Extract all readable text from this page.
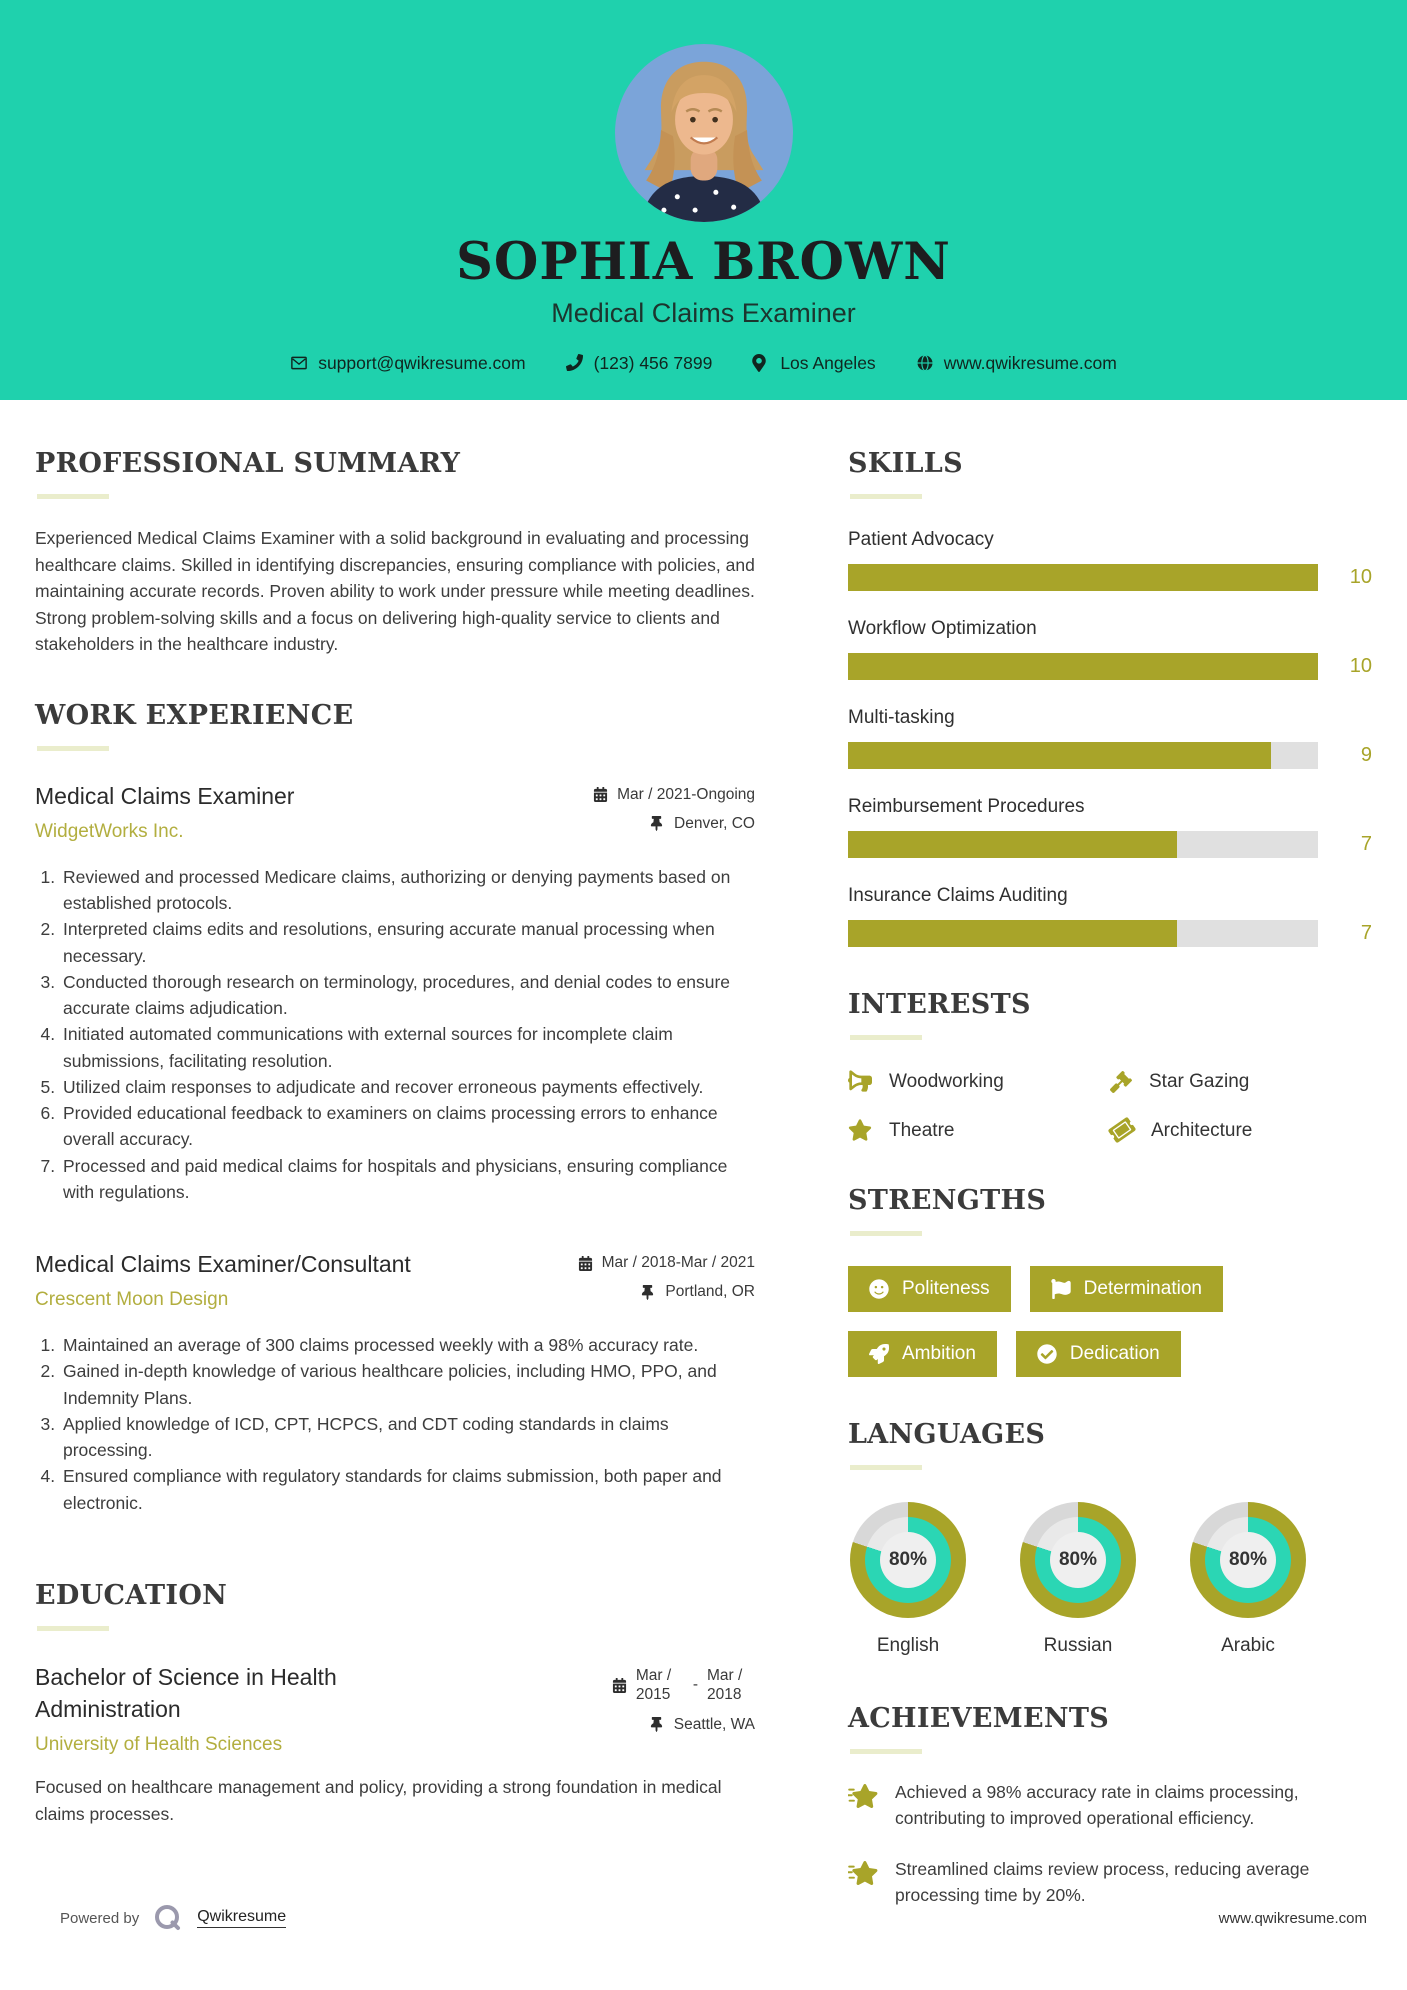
SOPHIA BROWN
Medical Claims Examiner
support@qwikresume.com	(123) 456 7899	Los Angeles	www.qwikresume.com
PROFESSIONAL SUMMARY

Experienced Medical Claims Examiner with a solid background in evaluating and processing healthcare claims. Skilled in identifying discrepancies, ensuring compliance with policies, and maintaining accurate records. Proven ability to work under pressure while meeting deadlines. Strong problem-solving skills and a focus on delivering high-quality service to clients and stakeholders in the healthcare industry.

WORK EXPERIENCE
Medical Claims Examiner
WidgetWorks Inc.
Mar / 2021-Ongoing
Denver, CO
1. Reviewed and processed Medicare claims, authorizing or denying payments based on established protocols.
2. Interpreted claims edits and resolutions, ensuring accurate manual processing when necessary.
3. Conducted thorough research on terminology, procedures, and denial codes to ensure accurate claims adjudication.
4. Initiated automated communications with external sources for incomplete claim submissions, facilitating resolution.
5. Utilized claim responses to adjudicate and recover erroneous payments effectively.
6. Provided educational feedback to examiners on claims processing errors to enhance overall accuracy.
7. Processed and paid medical claims for hospitals and physicians, ensuring compliance with regulations.
Medical Claims Examiner/Consultant
Crescent Moon Design
Mar / 2018-Mar / 2021
Portland, OR
1. Maintained an average of 300 claims processed weekly with a 98% accuracy rate.
2. Gained in-depth knowledge of various healthcare policies, including HMO, PPO, and Indemnity Plans.
3. Applied knowledge of ICD, CPT, HCPCS, and CDT coding standards in claims processing.
4. Ensured compliance with regulatory standards for claims submission, both paper and electronic.
EDUCATION
Bachelor of Science in Health Administration
University of Health Sciences
Mar / 2015
-
Mar / 2018
Seattle, WA

Focused on healthcare management and policy, providing a strong foundation in medical claims processes.

SKILLS
Patient Advocacy
10
Workflow Optimization
10
Multi-tasking
9
Reimbursement Procedures
7
Insurance Claims Auditing
7
INTERESTS
Woodworking	Star Gazing
Theatre	Architecture
STRENGTHS
Politeness	Determination
Ambition	Dedication
LANGUAGES
80%
English
80%
Russian
80%
Arabic
ACHIEVEMENTS
Achieved a 98% accuracy rate in claims processing, contributing to improved operational efficiency.
Streamlined claims review process, reducing average processing time by 20%.
Powered by	Qwikresume	www.qwikresume.com
